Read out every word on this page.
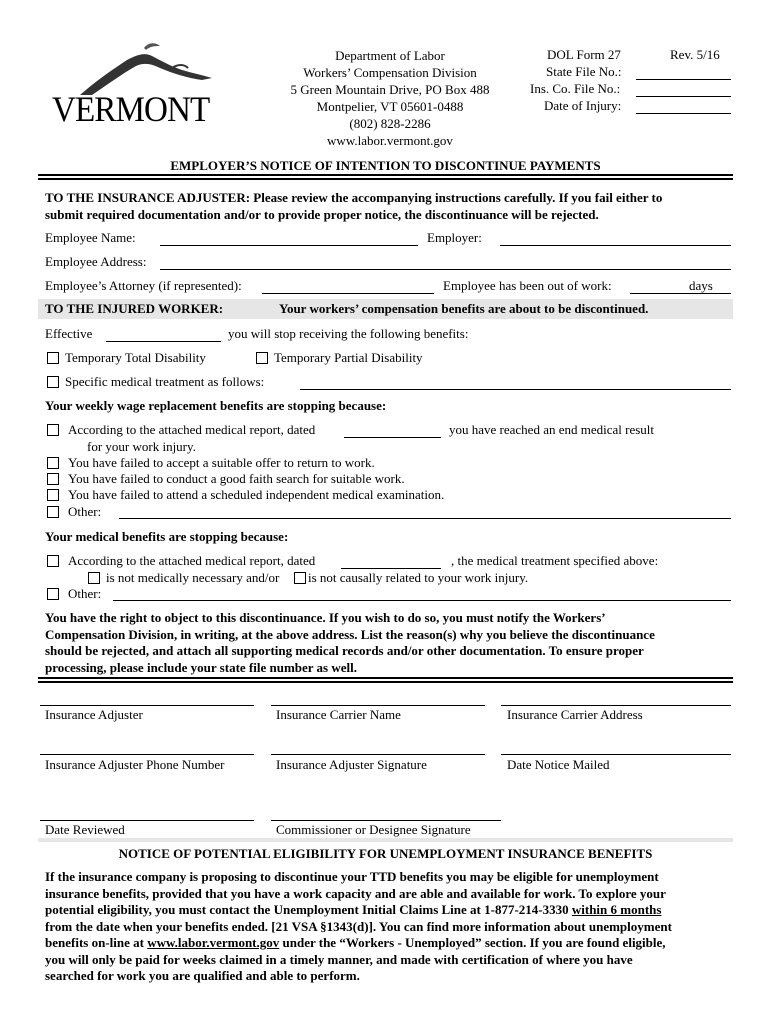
VERMONT
Department of Labor
Workers’ Compensation Division
5 Green Mountain Drive, PO Box 488
Montpelier, VT 05601-0488
(802) 828-2286
www.labor.vermont.gov
DOL Form 27	Rev. 5/16
State File No.:
Ins. Co. File No.:
Date of Injury:
EMPLOYER’S NOTICE OF INTENTION TO DISCONTINUE PAYMENTS
TO THE INSURANCE ADJUSTER: Please review the accompanying instructions carefully. If you fail either to
submit required documentation and/or to provide proper notice, the discontinuance will be rejected.
Employee Name:	Employer:
Employee Address:
Employee’s Attorney (if represented):	Employee has been out of work:	days
TO THE INJURED WORKER:	Your workers’ compensation benefits are about to be discontinued.
Effective	you will stop receiving the following benefits:
Temporary Total Disability	Temporary Partial Disability
Specific medical treatment as follows:
Your weekly wage replacement benefits are stopping because:
According to the attached medical report, dated	you have reached an end medical result
for your work injury.
You have failed to accept a suitable offer to return to work.
You have failed to conduct a good faith search for suitable work.
You have failed to attend a scheduled independent medical examination.
Other:
Your medical benefits are stopping because:
According to the attached medical report, dated	, the medical treatment specified above:
is not medically necessary and/or is not causally related to your work injury.
Other:
You have the right to object to this discontinuance. If you wish to do so, you must notify the Workers’
Compensation Division, in writing, at the above address. List the reason(s) why you believe the discontinuance
should be rejected, and attach all supporting medical records and/or other documentation. To ensure proper
processing, please include your state file number as well.
Insurance Adjuster	Insurance Carrier Name	Insurance Carrier Address
Insurance Adjuster Phone Number	Insurance Adjuster Signature	Date Notice Mailed
Date Reviewed	Commissioner or Designee Signature
NOTICE OF POTENTIAL ELIGIBILITY FOR UNEMPLOYMENT INSURANCE BENEFITS
If the insurance company is proposing to discontinue your TTD benefits you may be eligible for unemployment
insurance benefits, provided that you have a work capacity and are able and available for work. To explore your
potential eligibility, you must contact the Unemployment Initial Claims Line at 1-877-214-3330 within 6 months
from the date when your benefits ended. [21 VSA §1343(d)]. You can find more information about unemployment
benefits on-line at www.labor.vermont.gov under the “Workers - Unemployed” section. If you are found eligible,
you will only be paid for weeks claimed in a timely manner, and made with certification of where you have
searched for work you are qualified and able to perform.
